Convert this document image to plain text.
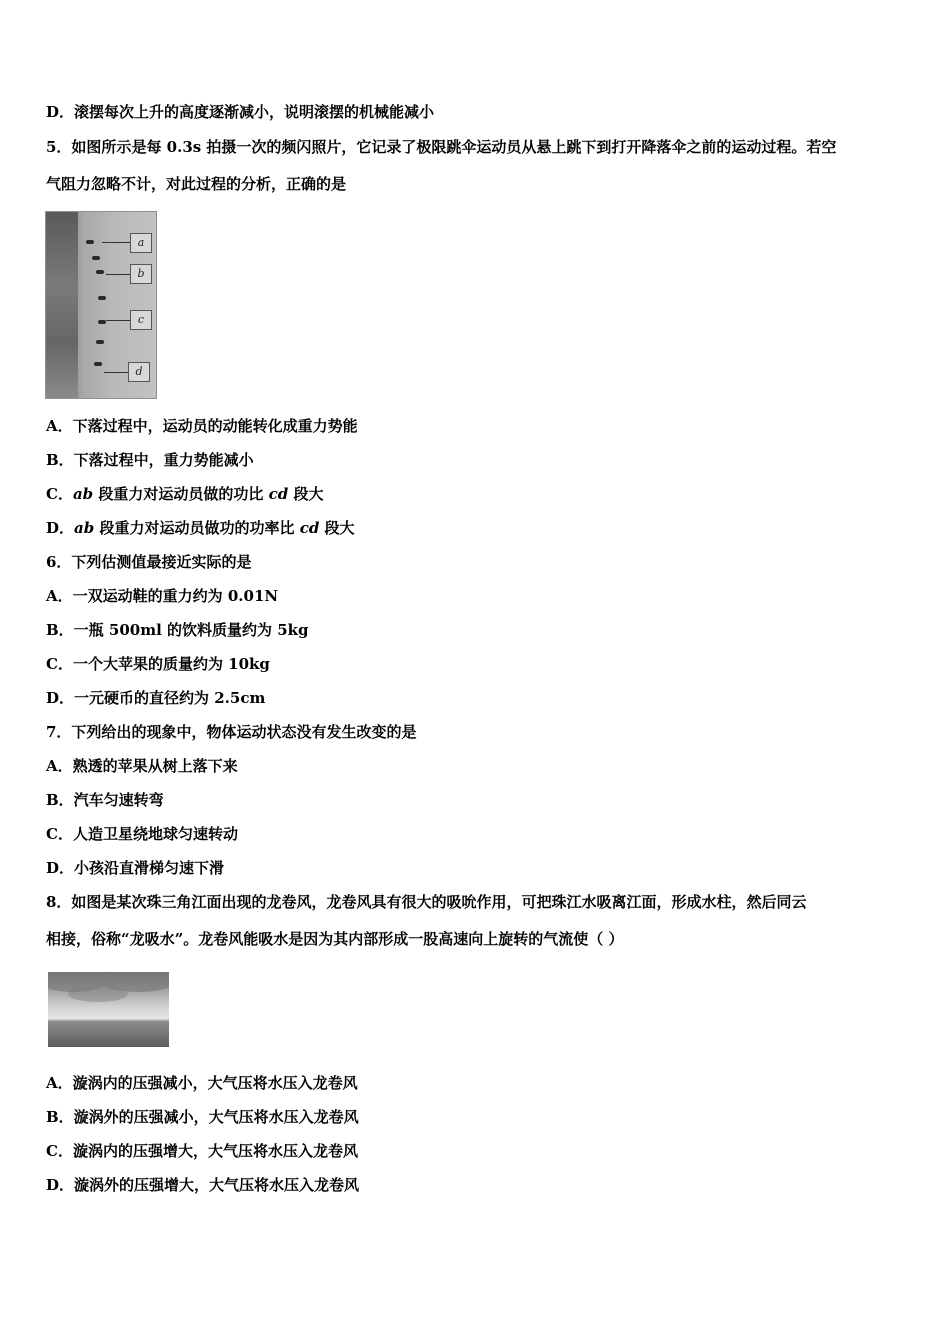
D．滚摆每次上升的高度逐渐减小，说明滚摆的机械能减小
5．如图所示是每 0.3s 拍摄一次的频闪照片，它记录了极限跳伞运动员从悬上跳下到打开降落伞之前的运动过程。若空
气阻力忽略不计，对此过程的分析，正确的是
a
b
c
d
A．下落过程中，运动员的动能转化成重力势能
B．下落过程中，重力势能减小
C．ab 段重力对运动员做的功比 cd 段大
D．ab 段重力对运动员做功的功率比 cd 段大
6．下列估测值最接近实际的是
A．一双运动鞋的重力约为 0.01N
B．一瓶 500ml 的饮料质量约为 5kg
C．一个大苹果的质量约为 10kg
D．一元硬币的直径约为 2.5cm
7．下列给出的现象中，物体运动状态没有发生改变的是
A．熟透的苹果从树上落下来
B．汽车匀速转弯
C．人造卫星绕地球匀速转动
D．小孩沿直滑梯匀速下滑
8．如图是某次珠三角江面出现的龙卷风，龙卷风具有很大的吸吮作用，可把珠江水吸离江面，形成水柱，然后同云
相接，俗称“龙吸水”。龙卷风能吸水是因为其内部形成一股高速向上旋转的气流使（ ）
A．漩涡内的压强减小，大气压将水压入龙卷风
B．漩涡外的压强减小，大气压将水压入龙卷风
C．漩涡内的压强增大，大气压将水压入龙卷风
D．漩涡外的压强增大，大气压将水压入龙卷风
